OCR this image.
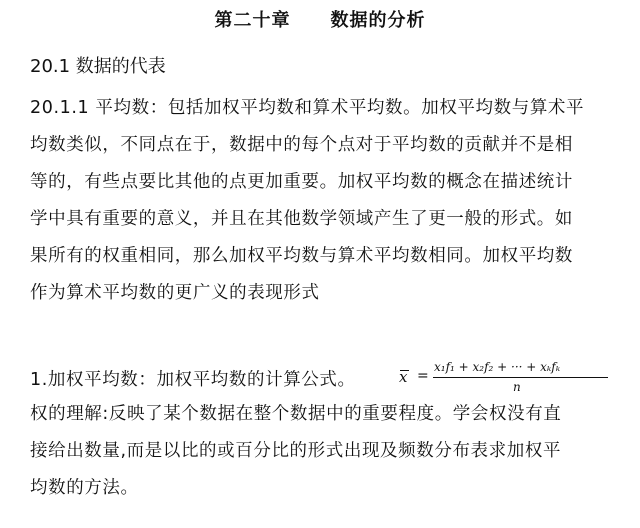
第二十章 数据的分析
20.1 数据的代表
20.1.1 平均数：包括加权平均数和算术平均数。加权平均数与算术平
均数类似，不同点在于，数据中的每个点对于平均数的贡献并不是相
等的，有些点要比其他的点更加重要。加权平均数的概念在描述统计
学中具有重要的意义，并且在其他数学领域产生了更一般的形式。如
果所有的权重相同，那么加权平均数与算术平均数相同。加权平均数
作为算术平均数的更广义的表现形式
1.加权平均数：加权平均数的计算公式。	x =
x₁f₁ + x₂f₂ + ··· + xₖfₖ
n
权的理解:反映了某个数据在整个数据中的重要程度。学会权没有直
接给出数量,而是以比的或百分比的形式出现及频数分布表求加权平
均数的方法。
